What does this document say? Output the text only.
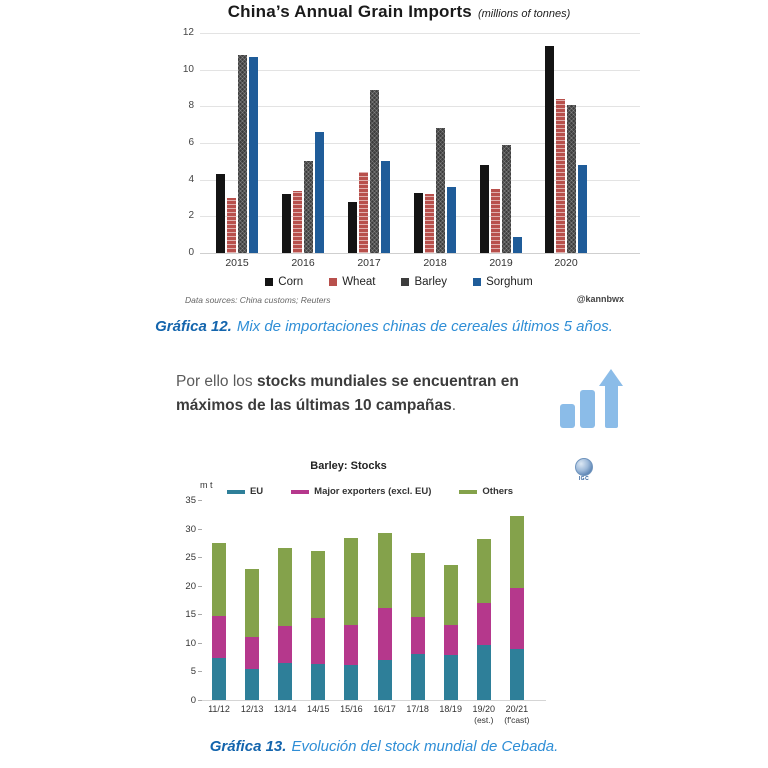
China’s Annual Grain Imports (millions of tonnes)
Corn	Wheat	Barley	Sorghum
Data sources: China customs; Reuters	@kannbwx
0
2
4
6
8
10
12
2015	2016	2017	2018	2019	2020
Gráfica 12. Mix de importaciones chinas de cereales últimos 5 años.
Por ello los stocks mundiales se encuentran en máximos de las últimas 10 campañas.
Barley: Stocks
m t
EU	Major exporters (excl. EU)	Others
IGC
0
5
10
15
20
25
30
35
11/12	12/13	13/14	14/15	15/16	16/17	17/18	18/19	19/20
(est.)
20/21
(f'cast)
Gráfica 13. Evolución del stock mundial de Cebada.
